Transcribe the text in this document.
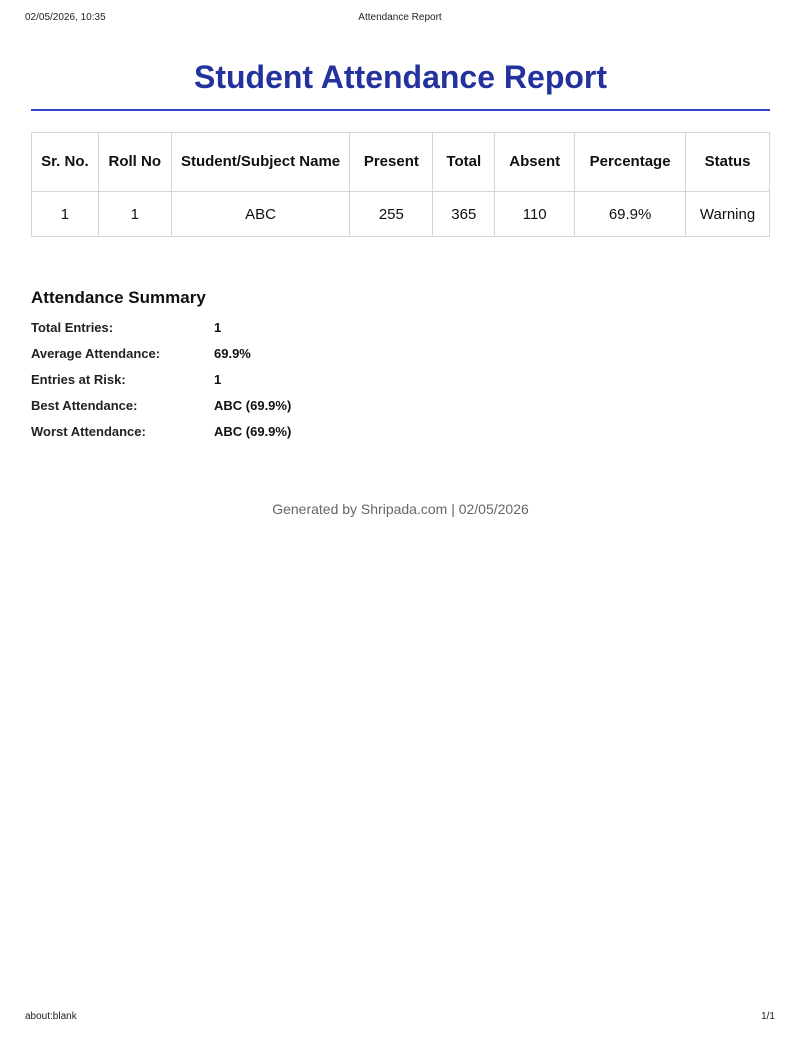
02/05/2026, 10:35	Attendance Report
Student Attendance Report
Sr. No.	Roll No	Student/Subject Name	Present	Total	Absent	Percentage	Status
1	1	ABC	255	365	110	69.9%	Warning
Attendance Summary
Total Entries:	1
Average Attendance:	69.9%
Entries at Risk:	1
Best Attendance:	ABC (69.9%)
Worst Attendance:	ABC (69.9%)
Generated by Shripada.com | 02/05/2026
about:blank	1/1
